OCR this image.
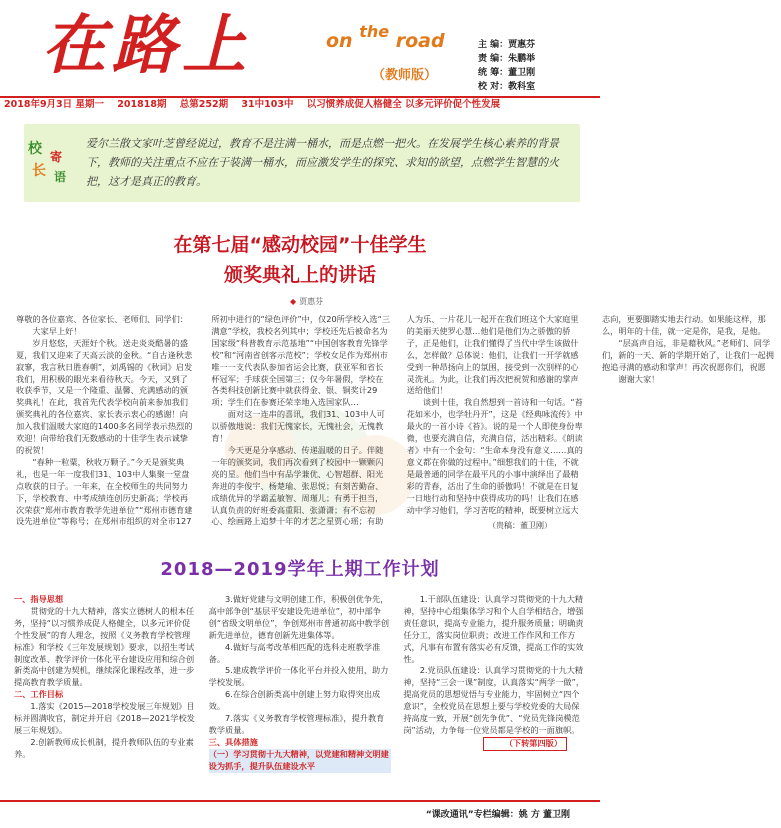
在路上	on $^{the}$ road
（教师版）
主 编：贾惠芬
责 编：朱鹏举
统 筹：董卫刚
校 对：教科室
2018年9月3日 星期一 201818期 总第252期 31中103中 以习惯养成促人格健全 以多元评价促个性发展
校 寄
长 语
爱尔兰散文家叶芝曾经说过，教育不是注满一桶水，而是点燃一把火。在发展学生核心素养的背景下，教师的关注重点不应在于装满一桶水，而应激发学生的探究、求知的欲望，点燃学生智慧的火把，这才是真正的教育。
在第七届“感动校园”十佳学生
颁奖典礼上的讲话
◆ 贾惠芬

尊敬的各位嘉宾、各位家长、老师们、同学们：

大家早上好！

岁月悠悠，天涯好个秋。送走炎炎酷暑的盛夏，我们又迎来了天高云淡的金秋。“自古逢秋悲寂寥，我言秋日胜春朝”，刘禹锡的《秋词》启发我们，用积极的眼光来看待秋天。今天，又到了收获季节，又是一个隆重、温馨、充满感动的颁奖典礼！在此，我首先代表学校向前来参加我们颁奖典礼的各位嘉宾、家长表示衷心的感谢！向加入我们温暖大家庭的1400多名同学表示热烈的欢迎！向带给我们无数感动的十佳学生表示诚挚的祝贺！

“春种一粒粟，秋收万颗子。”今天是颁奖典礼，也是一年一度我们31、103中人集聚一堂盘点收获的日子。一年来，在全校师生的共同努力下，学校教育、中考成绩连创历史新高；学校再次荣获“郑州市教育教学先进单位”“郑州市德育建设先进单位”等称号；在郑州市组织的对全市127所初中进行的“绿色评价”中，仅20所学校入选“三满意”学校，我校名列其中；学校还先后被命名为国家级“科普教育示范基地”“中国创客教育先锋学校”和“河南省创客示范校”；学校女足作为郑州市唯一一支代表队参加省运会比赛，获亚军和省长杯冠军；手球获全国第三；仅今年暑假，学校在各类科技创新比赛中就获得金、银、铜奖计29项；学生们在参赛还荣幸地入选国家队…

面对这一连串的喜讯，我们31、103中人可以骄傲地说：我们无愧家长，无愧社会，无愧教育！

今天更是分享感动、传递温暖的日子。伴随一年的颁奖词，我们再次看到了校园中一颗颗闪亮的星。他们当中有品学兼优、心智超群、阳光奔进的李俊宇、杨楚瑜、张思悦；有刻苦勤奋、成绩优异的学霸孟敏智、周瑾儿；有勇于担当，认真负责的好班委高重阳、张潇潇；有不忘初心、绘画路上追梦十年的才艺之星贾心瑶；有助人为乐、一片花儿一起开在我们班这个大家庭里的美丽天使罗心慧…他们是他们为之骄傲的骄子，正是他们，让我们懂得了当代中学生该做什么，怎样做？总体说：他们，让我们一开学就感受到一种昂扬向上的氛围，接受到一次别样的心灵洗礼。为此，让我们再次把祝贺和感谢的掌声送给他们！

谈到十佳，我自然想到一首诗和一句话。“苔花如米小，也学牡丹开”，这是《经典咏流传》中最火的一首小诗《苔》。说的是一个人即使身份卑微，也要充满自信，充满自信，活出精彩。《朗读者》中有一个金句：“生命本身没有意义……真的意义都在你做的过程中。”细想我们的十佳，不就是最普通的同学在最平凡的小事中演绎出了最精彩的青春，活出了生命的骄傲吗！不就是在日复一日地行动和坚持中获得成功的吗！让我们在感动中学习他们，学习苦吃的精神，既要树立远大志向，更要脚踏实地去行动。如果能这样，那么，明年的十佳，就一定是你，是我，是他。

“层高声自远，非是藉秋风。”老师们、同学们，新的一天、新的学期开始了，让我们一起拥抱追寻满的感动和掌声！再次祝愿你们，祝愿

谢谢大家！

（贵稿：董卫刚）
2018—2019学年上期工作计划

一、指导思想

贯彻党的十九大精神，落实立德树人的根本任务，坚持“以习惯养成促人格健全，以多元评价促个性发展”的育人理念，按照《义务教育学校管理标准》和学校《三年发展规划》要求，以招生考试制度改革、教学评价一体化平台建设应用和综合创新类高中创建为契机，继续深化课程改革，进一步提高教育教学质量。

二、工作目标

1.落实《2015—2018学校发展三年规划》目标并圆满收官，制定并开启《2018—2021学校发展三年规划》。

2.创新教师成长机制，提升教师队伍的专业素养。

3.做好党建与文明创建工作，积极创优争先，高中部争创“基层平安建设先进单位”，初中部争创“省级文明单位”，争创郑州市普通初高中教学创新先进单位，德育创新先进集体等。

4.做好与高考改革相匹配的选科走班教学准备。

5.建成教学评价一体化平台并投入使用，助力学校发展。

6.在综合创新类高中创建上努力取得突出成效。

7.落实《义务教育学校管理标准》，提升教育教学质量。

三、具体措施

（一）学习贯彻十九大精神，以党建和精神文明建设为抓手，提升队伍建设水平

1.干部队伍建设：认真学习贯彻党的十九大精神，坚持中心组集体学习和个人自学相结合，增强责任意识，提高专业能力，提升服务质量；明确责任分工，落实岗位职责；改进工作作风和工作方式，凡事有布置有落实必有反馈，提高工作的实效性。

2.党员队伍建设：认真学习贯彻党的十九大精神，坚持“三会一课”制度，认真落实“两学一做”，提高党员的思想觉悟与专业能力，牢固树立“四个意识”，全校党员在思想上要与学校党委的大局保持高度一致，开展“创先争优”、“党员先锋岗模范岗”活动，力争每一位党员都是学校的一面旗帜。

（下转第四版）

“课改通讯”专栏编辑：姚 方 董卫刚
